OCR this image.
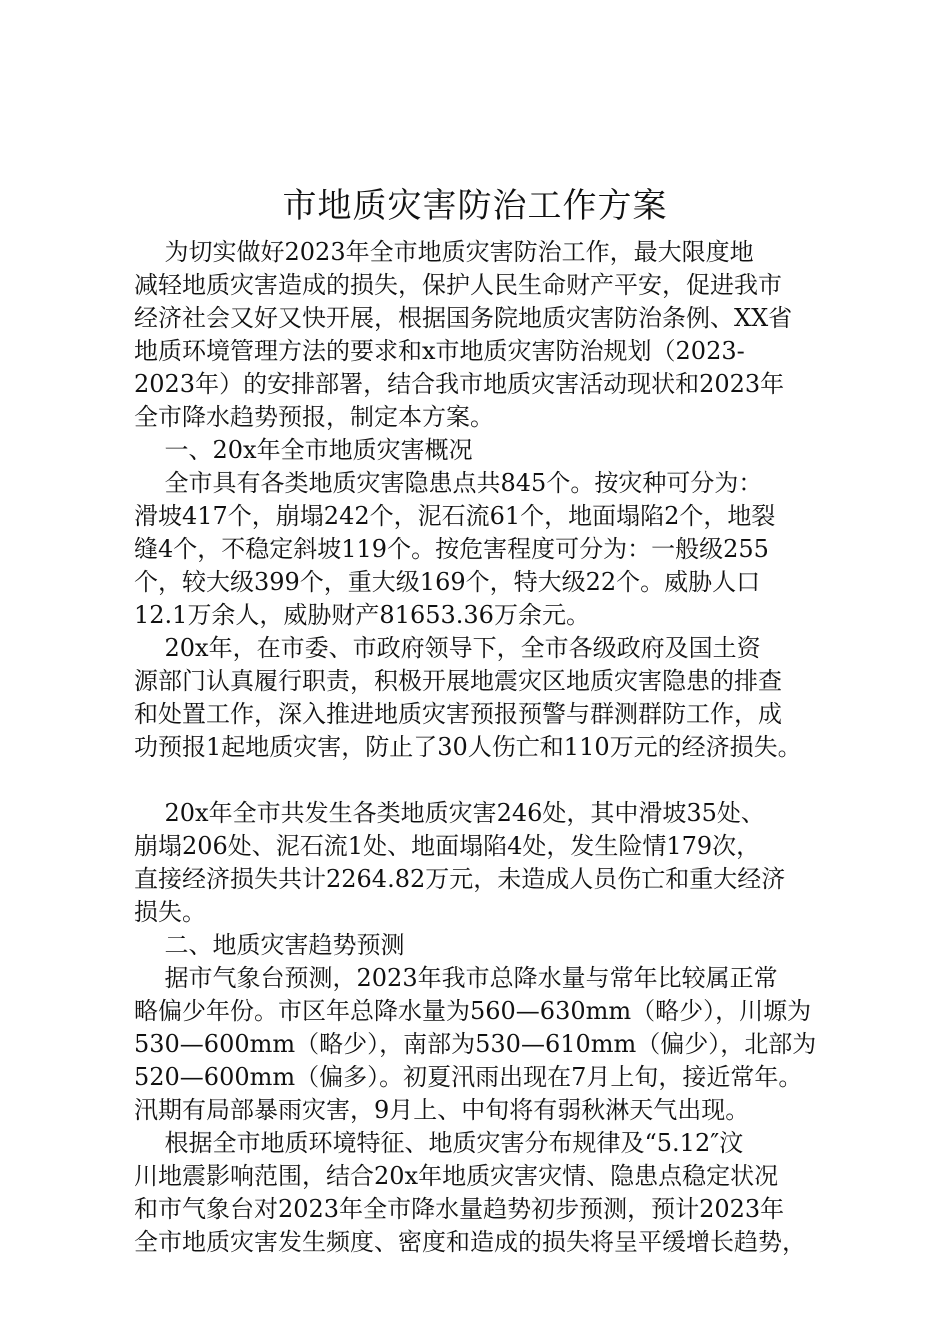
市地质灾害防治工作方案
为切实做好2023年全市地质灾害防治工作，最大限度地
减轻地质灾害造成的损失，保护人民生命财产平安，促进我市
经济社会又好又快开展，根据国务院地质灾害防治条例、XX省
地质环境管理方法的要求和x市地质灾害防治规划（2023-
2023年）的安排部署，结合我市地质灾害活动现状和2023年
全市降水趋势预报，制定本方案。
一、20x年全市地质灾害概况
全市具有各类地质灾害隐患点共845个。按灾种可分为：
滑坡417个，崩塌242个，泥石流61个，地面塌陷2个，地裂
缝4个，不稳定斜坡119个。按危害程度可分为：一般级255
个，较大级399个，重大级169个，特大级22个。威胁人口
12.1万余人，威胁财产81653.36万余元。
20x年，在市委、市政府领导下，全市各级政府及国土资
源部门认真履行职责，积极开展地震灾区地质灾害隐患的排查
和处置工作，深入推进地质灾害预报预警与群测群防工作，成
功预报1起地质灾害，防止了30人伤亡和110万元的经济损失。
20x年全市共发生各类地质灾害246处，其中滑坡35处、
崩塌206处、泥石流1处、地面塌陷4处，发生险情179次，
直接经济损失共计2264.82万元，未造成人员伤亡和重大经济
损失。
二、地质灾害趋势预测
据市气象台预测，2023年我市总降水量与常年比较属正常
略偏少年份。市区年总降水量为560—630mm（略少），川塬为
530—600mm（略少），南部为530—610mm（偏少），北部为
520—600mm（偏多）。初夏汛雨出现在7月上旬，接近常年。
汛期有局部暴雨灾害，9月上、中旬将有弱秋淋天气出现。
根据全市地质环境特征、地质灾害分布规律及“5.12″汶
川地震影响范围，结合20x年地质灾害灾情、隐患点稳定状况
和市气象台对2023年全市降水量趋势初步预测，预计2023年
全市地质灾害发生频度、密度和造成的损失将呈平缓增长趋势，
